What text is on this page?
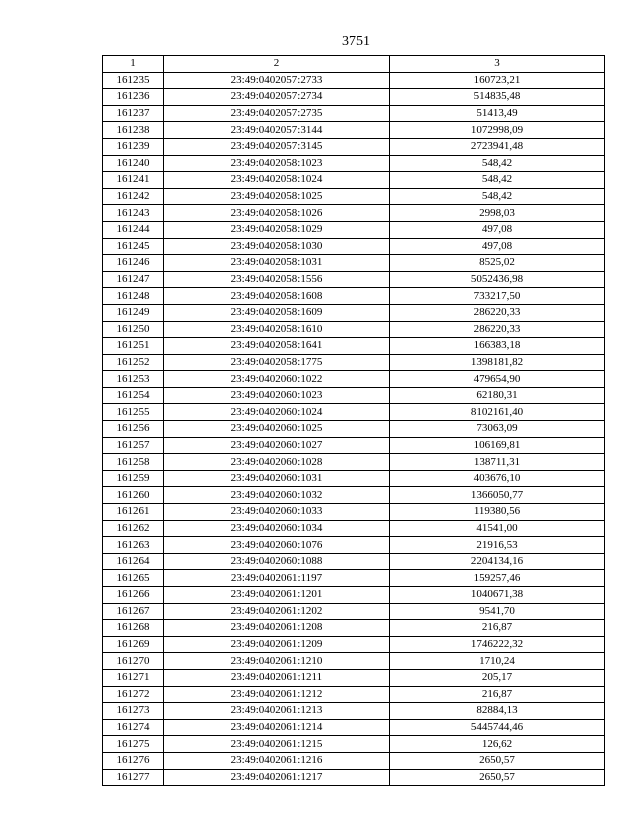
3751
1	2	3
161235	23:49:0402057:2733	160723,21
161236	23:49:0402057:2734	514835,48
161237	23:49:0402057:2735	51413,49
161238	23:49:0402057:3144	1072998,09
161239	23:49:0402057:3145	2723941,48
161240	23:49:0402058:1023	548,42
161241	23:49:0402058:1024	548,42
161242	23:49:0402058:1025	548,42
161243	23:49:0402058:1026	2998,03
161244	23:49:0402058:1029	497,08
161245	23:49:0402058:1030	497,08
161246	23:49:0402058:1031	8525,02
161247	23:49:0402058:1556	5052436,98
161248	23:49:0402058:1608	733217,50
161249	23:49:0402058:1609	286220,33
161250	23:49:0402058:1610	286220,33
161251	23:49:0402058:1641	166383,18
161252	23:49:0402058:1775	1398181,82
161253	23:49:0402060:1022	479654,90
161254	23:49:0402060:1023	62180,31
161255	23:49:0402060:1024	8102161,40
161256	23:49:0402060:1025	73063,09
161257	23:49:0402060:1027	106169,81
161258	23:49:0402060:1028	138711,31
161259	23:49:0402060:1031	403676,10
161260	23:49:0402060:1032	1366050,77
161261	23:49:0402060:1033	119380,56
161262	23:49:0402060:1034	41541,00
161263	23:49:0402060:1076	21916,53
161264	23:49:0402060:1088	2204134,16
161265	23:49:0402061:1197	159257,46
161266	23:49:0402061:1201	1040671,38
161267	23:49:0402061:1202	9541,70
161268	23:49:0402061:1208	216,87
161269	23:49:0402061:1209	1746222,32
161270	23:49:0402061:1210	1710,24
161271	23:49:0402061:1211	205,17
161272	23:49:0402061:1212	216,87
161273	23:49:0402061:1213	82884,13
161274	23:49:0402061:1214	5445744,46
161275	23:49:0402061:1215	126,62
161276	23:49:0402061:1216	2650,57
161277	23:49:0402061:1217	2650,57
